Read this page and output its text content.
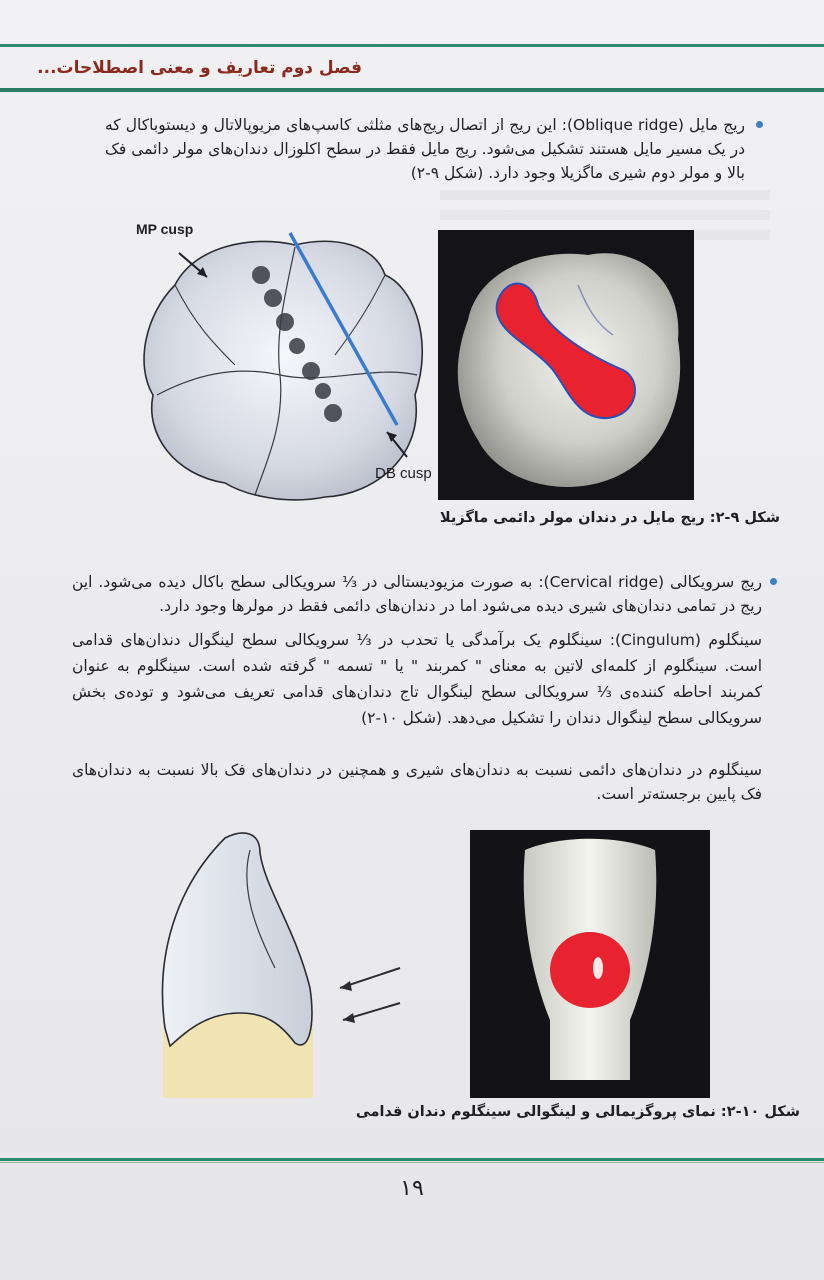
فصل دوم تعاریف و معنی اصطلاحات...
ریج مایل (Oblique ridge): این ریج از اتصال ریج‌های مثلثی کاسپ‌های مزیوپالاتال و دیستوباکال که در یک مسیر مایل هستند تشکیل می‌شود. ریج مایل فقط در سطح اکلوزال دندان‌های مولر دائمی فک بالا و مولر دوم شیری ماگزیلا وجود دارد. (شکل ۹-۲)
MP cusp
DB cusp
شکل ۹-۲: ریج مایل در دندان مولر دائمی ماگزیلا
ریج سرویکالی (Cervical ridge): به صورت مزیودیستالی در ⅓ سرویکالی سطح باکال دیده می‌شود. این ریج در تمامی دندان‌های شیری دیده می‌شود اما در دندان‌های دائمی فقط در مولرها وجود دارد.
سینگلوم (Cingulum): سینگلوم یک برآمدگی یا تحدب در ⅓ سرویکالی سطح لینگوال دندان‌های قدامی است. سینگلوم از کلمه‌ای لاتین به معنای " کمربند " یا " تسمه " گرفته شده است. سینگلوم به عنوان کمربند احاطه کننده‌ی ⅓ سرویکالی سطح لینگوال تاج دندان‌های قدامی تعریف می‌شود و توده‌ی بخش سرویکالی سطح لینگوال دندان را تشکیل می‌دهد. (شکل ۱۰-۲)
سینگلوم در دندان‌های دائمی نسبت به دندان‌های شیری و همچنین در دندان‌های فک بالا نسبت به دندان‌های فک پایین برجسته‌تر است.
شکل ۱۰-۲: نمای پروگزیمالی و لینگوالی سینگلوم دندان قدامی
۱۹
